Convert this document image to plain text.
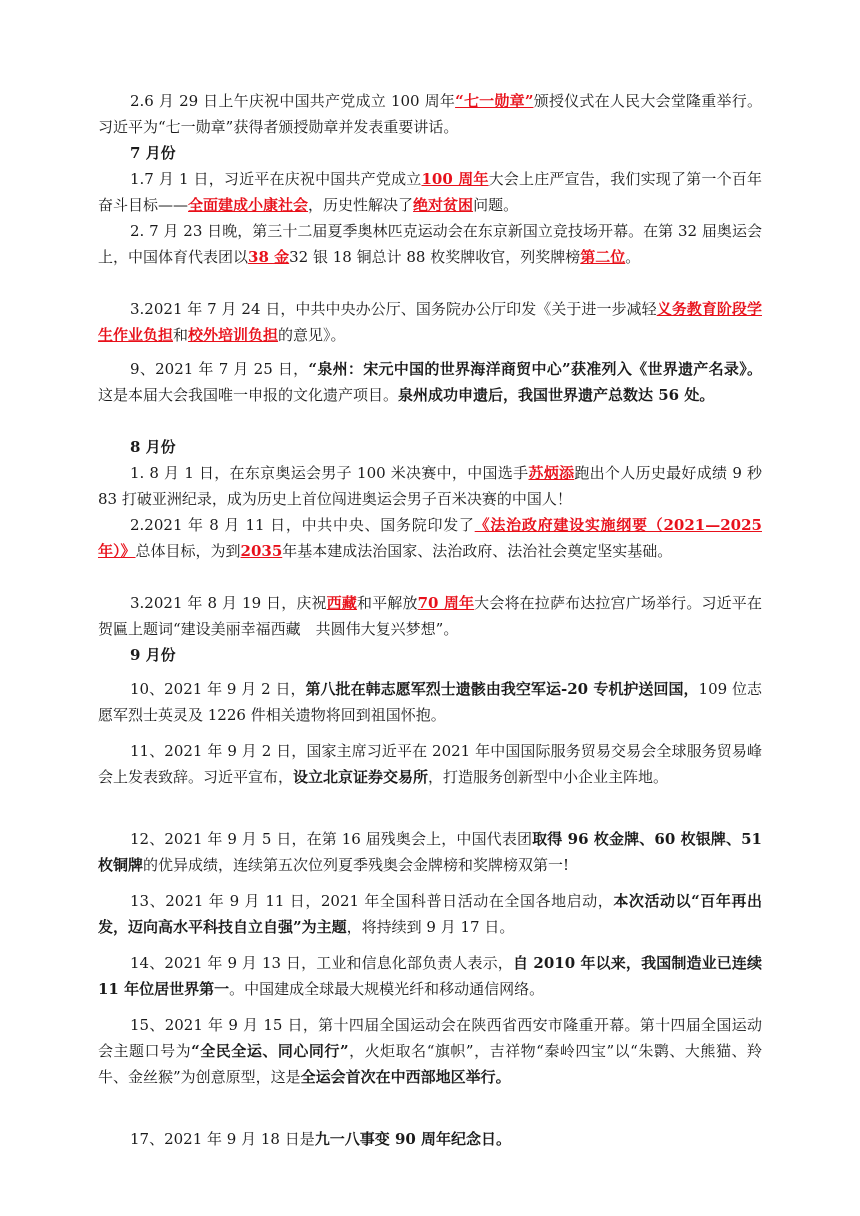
2.6 月 29 日上午庆祝中国共产党成立 100 周年“七一勋章”颁授仪式在人民大会堂隆重举行。习近平为“七一勋章”获得者颁授勋章并发表重要讲话。

7 月份

1.7 月 1 日，习近平在庆祝中国共产党成立100 周年大会上庄严宣告，我们实现了第一个百年奋斗目标——全面建成小康社会，历史性解决了绝对贫困问题。

2. 7 月 23 日晚，第三十二届夏季奥林匹克运动会在东京新国立竞技场开幕。在第 32 届奥运会上，中国体育代表团以38 金32 银 18 铜总计 88 枚奖牌收官，列奖牌榜第二位。

3.2021 年 7 月 24 日，中共中央办公厅、国务院办公厅印发《关于进一步减轻义务教育阶段学生作业负担和校外培训负担的意见》。

9、2021 年 7 月 25 日，“泉州：宋元中国的世界海洋商贸中心”获准列入《世界遗产名录》。这是本届大会我国唯一申报的文化遗产项目。泉州成功申遗后，我国世界遗产总数达 56 处。

8 月份

1. 8 月 1 日，在东京奥运会男子 100 米决赛中，中国选手苏炳添跑出个人历史最好成绩 9 秒 83 打破亚洲纪录，成为历史上首位闯进奥运会男子百米决赛的中国人！

2.2021 年 8 月 11 日，中共中央、国务院印发了《法治政府建设实施纲要（2021—2025 年）》总体目标，为到2035年基本建成法治国家、法治政府、法治社会奠定坚实基础。

3.2021 年 8 月 19 日，庆祝西藏和平解放70 周年大会将在拉萨布达拉宫广场举行。习近平在贺匾上题词“建设美丽幸福西藏　共圆伟大复兴梦想”。

9 月份

10、2021 年 9 月 2 日，第八批在韩志愿军烈士遗骸由我空军运-20 专机护送回国，109 位志愿军烈士英灵及 1226 件相关遗物将回到祖国怀抱。

11、2021 年 9 月 2 日，国家主席习近平在 2021 年中国国际服务贸易交易会全球服务贸易峰会上发表致辞。习近平宣布，设立北京证券交易所，打造服务创新型中小企业主阵地。

12、2021 年 9 月 5 日，在第 16 届残奥会上，中国代表团取得 96 枚金牌、60 枚银牌、51 枚铜牌的优异成绩，连续第五次位列夏季残奥会金牌榜和奖牌榜双第一!

13、2021 年 9 月 11 日，2021 年全国科普日活动在全国各地启动，本次活动以“百年再出发，迈向高水平科技自立自强”为主题，将持续到 9 月 17 日。

14、2021 年 9 月 13 日，工业和信息化部负责人表示，自 2010 年以来，我国制造业已连续 11 年位居世界第一。中国建成全球最大规模光纤和移动通信网络。

15、2021 年 9 月 15 日，第十四届全国运动会在陕西省西安市隆重开幕。第十四届全国运动会主题口号为“全民全运、同心同行”，火炬取名“旗帜”，吉祥物“秦岭四宝”以“朱鹮、大熊猫、羚牛、金丝猴”为创意原型，这是全运会首次在中西部地区举行。

17、2021 年 9 月 18 日是九一八事变 90 周年纪念日。
